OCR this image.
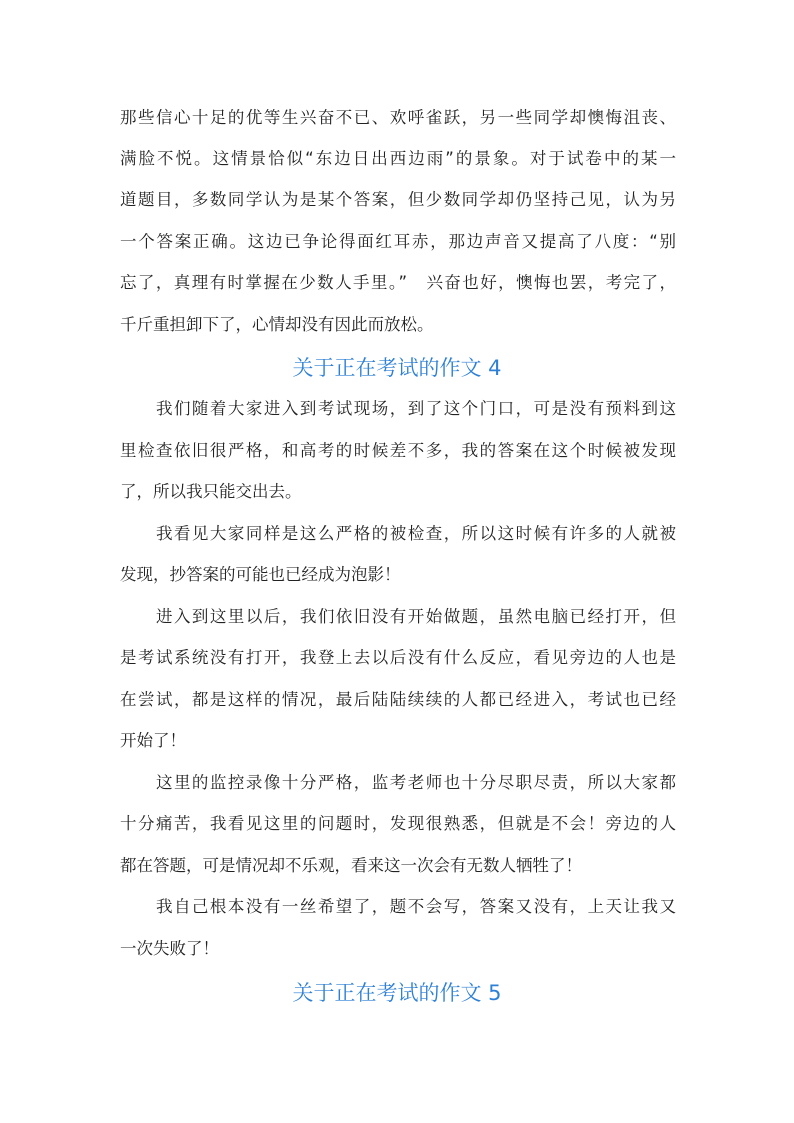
那些信心十足的优等生兴奋不已、欢呼雀跃，另一些同学却懊悔沮丧、
满脸不悦。这情景恰似“东边日出西边雨”的景象。对于试卷中的某一
道题目，多数同学认为是某个答案，但少数同学却仍坚持己见，认为另
一个答案正确。这边已争论得面红耳赤，那边声音又提高了八度：“别
忘了，真理有时掌握在少数人手里。”　兴奋也好，懊悔也罢，考完了，
千斤重担卸下了，心情却没有因此而放松。
关于正在考试的作文 4
　　我们随着大家进入到考试现场，到了这个门口，可是没有预料到这
里检查依旧很严格，和高考的时候差不多，我的答案在这个时候被发现
了，所以我只能交出去。
　　我看见大家同样是这么严格的被检查，所以这时候有许多的人就被
发现，抄答案的可能也已经成为泡影！
　　进入到这里以后，我们依旧没有开始做题，虽然电脑已经打开，但
是考试系统没有打开，我登上去以后没有什么反应，看见旁边的人也是
在尝试，都是这样的情况，最后陆陆续续的人都已经进入，考试也已经
开始了！
　　这里的监控录像十分严格，监考老师也十分尽职尽责，所以大家都
十分痛苦，我看见这里的问题时，发现很熟悉，但就是不会！旁边的人
都在答题，可是情况却不乐观，看来这一次会有无数人牺牲了！
　　我自己根本没有一丝希望了，题不会写，答案又没有，上天让我又
一次失败了！
关于正在考试的作文 5
